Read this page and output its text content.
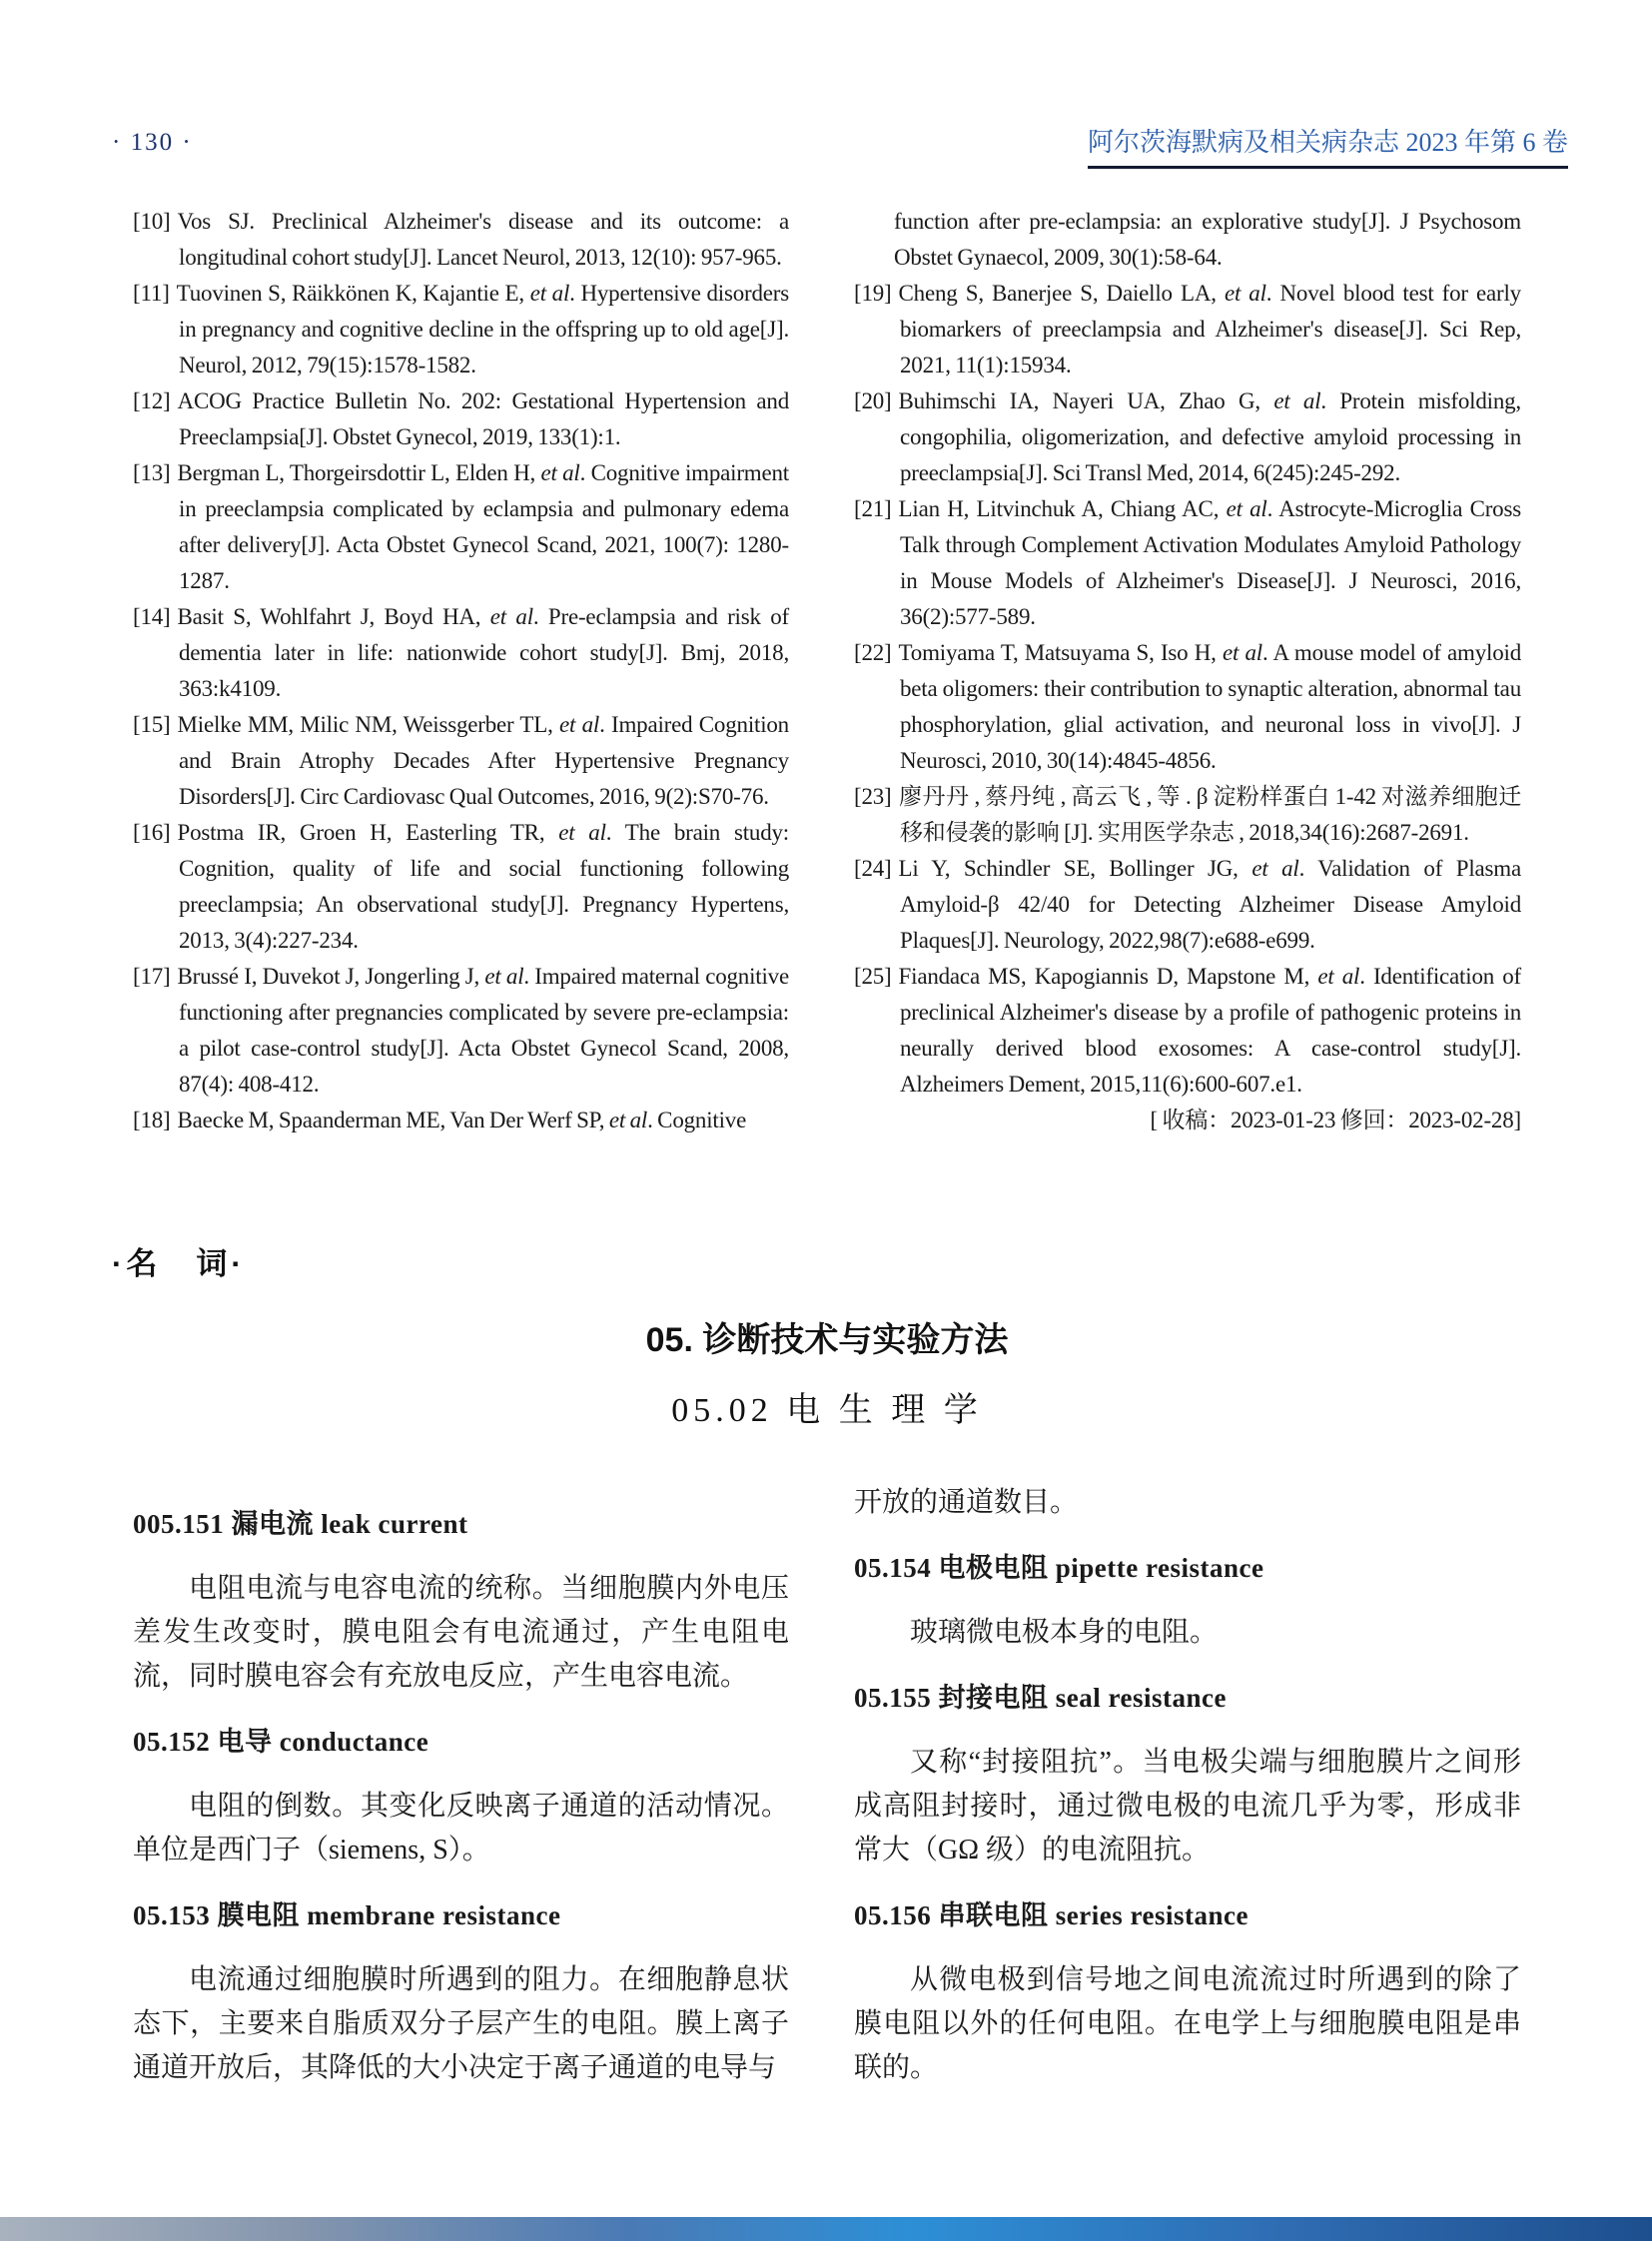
· 130 ·	阿尔茨海默病及相关病杂志 2023 年第 6 卷
[10] Vos SJ. Preclinical Alzheimer's disease and its outcome: a longitudinal cohort study[J]. Lancet Neurol, 2013, 12(10): 957-965.
[11] Tuovinen S, Räikkönen K, Kajantie E, et al. Hypertensive disorders in pregnancy and cognitive decline in the offspring up to old age[J]. Neurol, 2012, 79(15):1578-1582.
[12] ACOG Practice Bulletin No. 202: Gestational Hypertension and Preeclampsia[J]. Obstet Gynecol, 2019, 133(1):1.
[13] Bergman L, Thorgeirsdottir L, Elden H, et al. Cognitive impairment in preeclampsia complicated by eclampsia and pulmonary edema after delivery[J]. Acta Obstet Gynecol Scand, 2021, 100(7): 1280-1287.
[14] Basit S, Wohlfahrt J, Boyd HA, et al. Pre-eclampsia and risk of dementia later in life: nationwide cohort study[J]. Bmj, 2018, 363:k4109.
[15] Mielke MM, Milic NM, Weissgerber TL, et al. Impaired Cognition and Brain Atrophy Decades After Hypertensive Pregnancy Disorders[J]. Circ Cardiovasc Qual Outcomes, 2016, 9(2):S70-76.
[16] Postma IR, Groen H, Easterling TR, et al. The brain study: Cognition, quality of life and social functioning following preeclampsia; An observational study[J]. Pregnancy Hypertens, 2013, 3(4):227-234.
[17] Brussé I, Duvekot J, Jongerling J, et al. Impaired maternal cognitive functioning after pregnancies complicated by severe pre-eclampsia: a pilot case-control study[J]. Acta Obstet Gynecol Scand, 2008, 87(4): 408-412.
[18] Baecke M, Spaanderman ME, Van Der Werf SP, et al. Cognitive
function after pre-eclampsia: an explorative study[J]. J Psychosom Obstet Gynaecol, 2009, 30(1):58-64.
[19] Cheng S, Banerjee S, Daiello LA, et al. Novel blood test for early biomarkers of preeclampsia and Alzheimer's disease[J]. Sci Rep, 2021, 11(1):15934.
[20] Buhimschi IA, Nayeri UA, Zhao G, et al. Protein misfolding, congophilia, oligomerization, and defective amyloid processing in preeclampsia[J]. Sci Transl Med, 2014, 6(245):245-292.
[21] Lian H, Litvinchuk A, Chiang AC, et al. Astrocyte-Microglia Cross Talk through Complement Activation Modulates Amyloid Pathology in Mouse Models of Alzheimer's Disease[J]. J Neurosci, 2016, 36(2):577-589.
[22] Tomiyama T, Matsuyama S, Iso H, et al. A mouse model of amyloid beta oligomers: their contribution to synaptic alteration, abnormal tau phosphorylation, glial activation, and neuronal loss in vivo[J]. J Neurosci, 2010, 30(14):4845-4856.
[23] 廖丹丹 , 蔡丹纯 , 高云飞 , 等 . β 淀粉样蛋白 1-42 对滋养细胞迁移和侵袭的影响 [J]. 实用医学杂志 , 2018,34(16):2687-2691.
[24] Li Y, Schindler SE, Bollinger JG, et al. Validation of Plasma Amyloid-β 42/40 for Detecting Alzheimer Disease Amyloid Plaques[J]. Neurology, 2022,98(7):e688-e699.
[25] Fiandaca MS, Kapogiannis D, Mapstone M, et al. Identification of preclinical Alzheimer's disease by a profile of pathogenic proteins in neurally derived blood exosomes: A case-control study[J]. Alzheimers Dement, 2015,11(6):600-607.e1.
[ 收稿：2023-01-23 修回：2023-02-28]
·名　词·
05. 诊断技术与实验方法
05.02 电 生 理 学
005.151 漏电流 leak current
电阻电流与电容电流的统称。当细胞膜内外电压差发生改变时，膜电阻会有电流通过，产生电阻电流，同时膜电容会有充放电反应，产生电容电流。
05.152 电导 conductance
电阻的倒数。其变化反映离子通道的活动情况。单位是西门子（siemens, S）。
05.153 膜电阻 membrane resistance
电流通过细胞膜时所遇到的阻力。在细胞静息状态下，主要来自脂质双分子层产生的电阻。膜上离子通道开放后，其降低的大小决定于离子通道的电导与
开放的通道数目。
05.154 电极电阻 pipette resistance
玻璃微电极本身的电阻。
05.155 封接电阻 seal resistance
又称“封接阻抗”。当电极尖端与细胞膜片之间形成高阻封接时，通过微电极的电流几乎为零，形成非常大（GΩ 级）的电流阻抗。
05.156 串联电阻 series resistance
从微电极到信号地之间电流流过时所遇到的除了膜电阻以外的任何电阻。在电学上与细胞膜电阻是串联的。
